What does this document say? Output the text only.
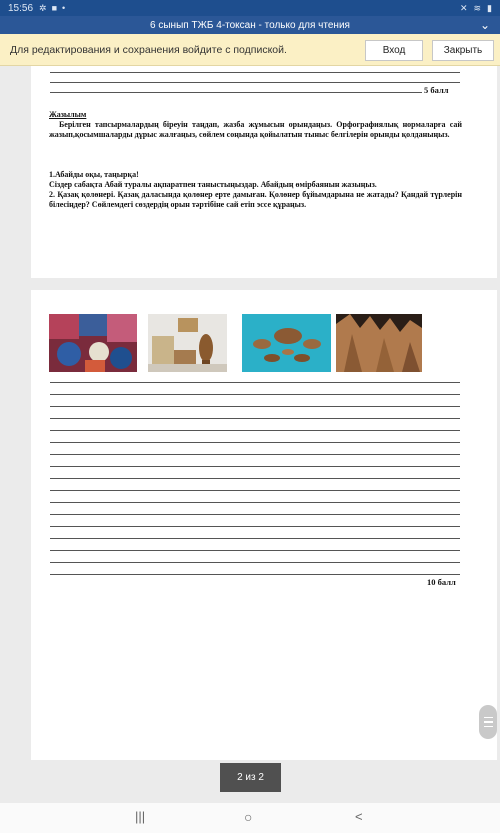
15:56 ✲ ■ •	✕ ≋ ▮
6 сынып ТЖБ 4-токсан - только для чтения	⌄
Для редактирования и сохранения войдите с подпиской.	Вход	Закрыть
5 балл
Жазылым
Берілген тапсырмалардың біреуін таңдап, жазба жұмысын орындаңыз. Орфографиялық нормаларға сай жазып,қосымшаларды дұрыс жалғаңыз, сөйлем соңында қойылатын тыныс белгілерін орынды қолданыңыз.
1.Абайды оқы, таңырқа!
Сіздер сабақта Абай туралы ақпаратпен таныстыңыздар. Абайдың өмірбаянын жазыңыз.
2. Қазақ қолөнері. Қазақ даласында қолөнер ерте дамыған. Қолөнер бұйымдарына не жатады? Қандай түрлерін білесіңдер? Сөйлемдегі сөздердің орын тәртібіне сай етіп эссе құраңыз.
10 балл
2 из 2
|||	○	<
